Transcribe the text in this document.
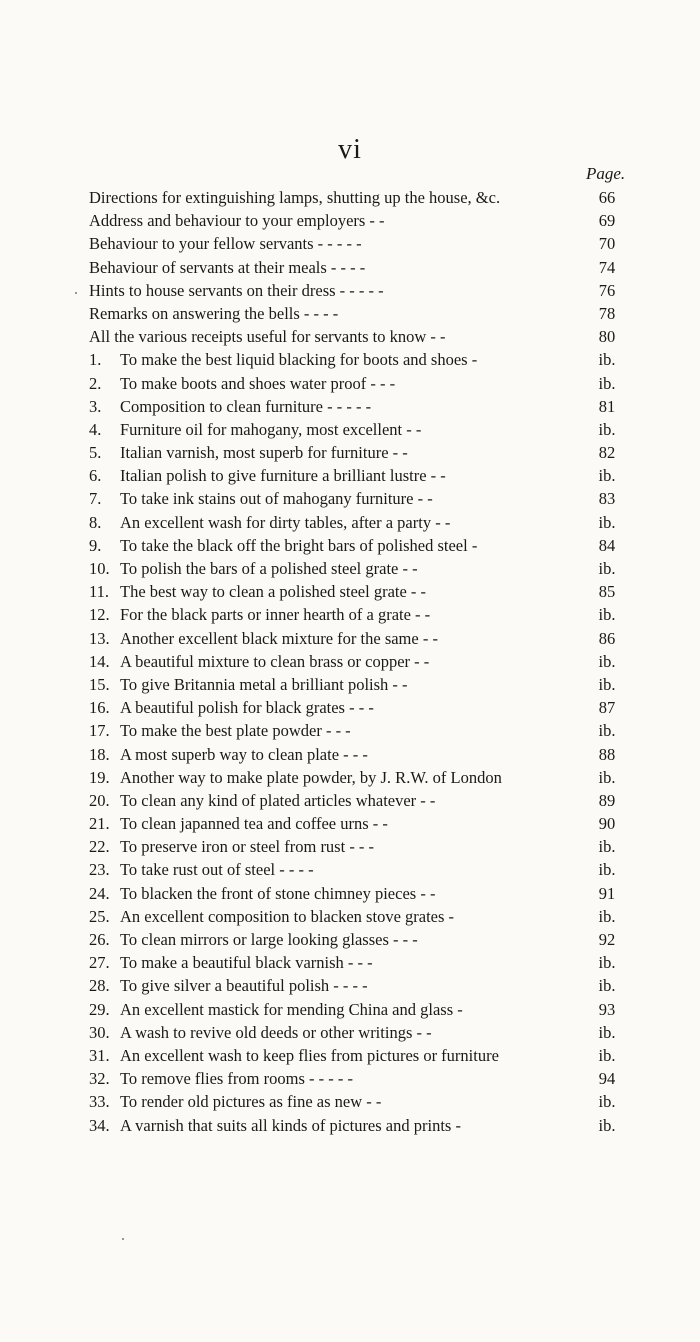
vi
Page.
Directions for extinguishing lamps, shutting up the house, &c.	66
Address and behaviour to your employers - -	69
Behaviour to your fellow servants - - - - -	70
Behaviour of servants at their meals - - - -	74
Hints to house servants on their dress - - - - -	76
Remarks on answering the bells - - - -	78
All the various receipts useful for servants to know - -	80
1.	To make the best liquid blacking for boots and shoes -	ib.
2.	To make boots and shoes water proof - - -	ib.
3.	Composition to clean furniture - - - - -	81
4.	Furniture oil for mahogany, most excellent - -	ib.
5.	Italian varnish, most superb for furniture - -	82
6.	Italian polish to give furniture a brilliant lustre - -	ib.
7.	To take ink stains out of mahogany furniture - -	83
8.	An excellent wash for dirty tables, after a party - -	ib.
9.	To take the black off the bright bars of polished steel -	84
10. To polish the bars of a polished steel grate - -	ib.
11. The best way to clean a polished steel grate - -	85
12. For the black parts or inner hearth of a grate - -	ib.
13. Another excellent black mixture for the same - -	86
14. A beautiful mixture to clean brass or copper - -	ib.
15. To give Britannia metal a brilliant polish - -	ib.
16. A beautiful polish for black grates - - -	87
17. To make the best plate powder - - -	ib.
18. A most superb way to clean plate - - -	88
19. Another way to make plate powder, by J. R.W. of London	ib.
20. To clean any kind of plated articles whatever - -	89
21. To clean japanned tea and coffee urns - -	90
22. To preserve iron or steel from rust - - -	ib.
23. To take rust out of steel - - - -	ib.
24. To blacken the front of stone chimney pieces - -	91
25. An excellent composition to blacken stove grates -	ib.
26. To clean mirrors or large looking glasses - - -	92
27. To make a beautiful black varnish - - -	ib.
28. To give silver a beautiful polish - - - -	ib.
29. An excellent mastick for mending China and glass -	93
30. A wash to revive old deeds or other writings - -	ib.
31. An excellent wash to keep flies from pictures or furniture	ib.
32. To remove flies from rooms - - - - -	94
33. To render old pictures as fine as new - -	ib.
34. A varnish that suits all kinds of pictures and prints -	ib.
